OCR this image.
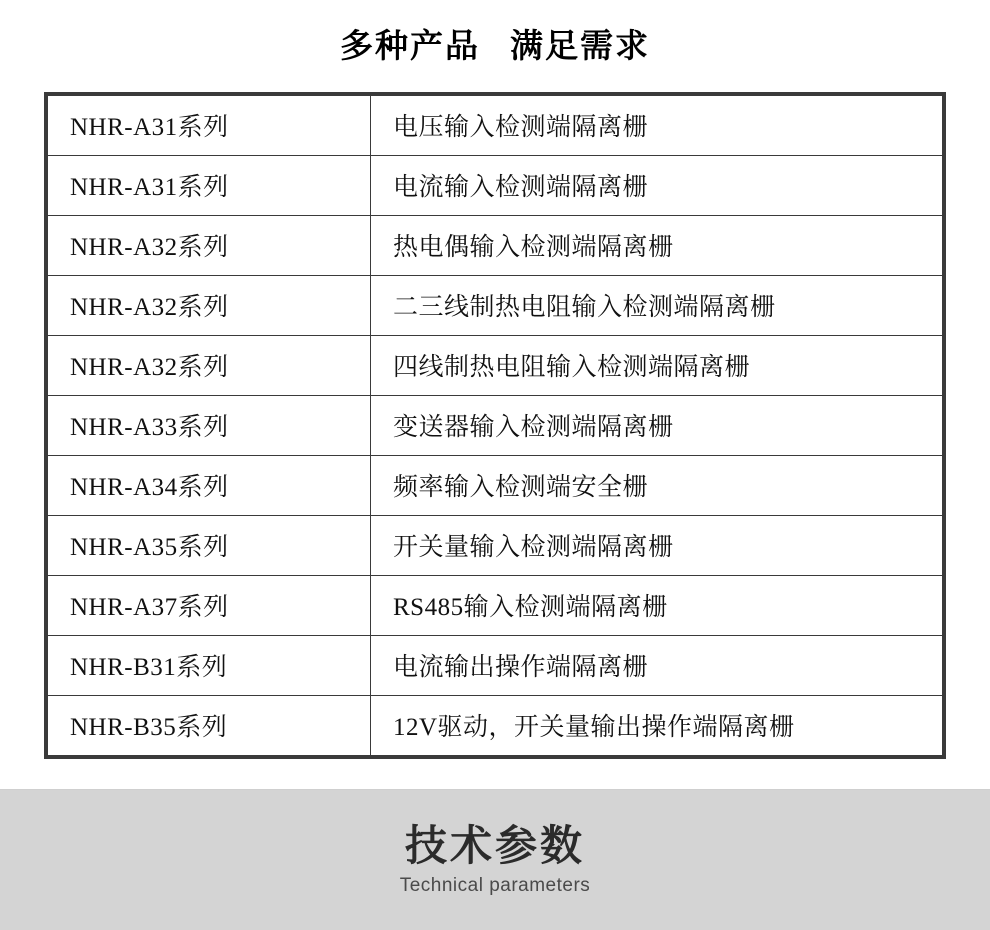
多种产品 满足需求
NHR-A31系列	电压输入检测端隔离栅
NHR-A31系列	电流输入检测端隔离栅
NHR-A32系列	热电偶输入检测端隔离栅
NHR-A32系列	二三线制热电阻输入检测端隔离栅
NHR-A32系列	四线制热电阻输入检测端隔离栅
NHR-A33系列	变送器输入检测端隔离栅
NHR-A34系列	频率输入检测端安全栅
NHR-A35系列	开关量输入检测端隔离栅
NHR-A37系列	RS485输入检测端隔离栅
NHR-B31系列	电流输出操作端隔离栅
NHR-B35系列	12V驱动，开关量输出操作端隔离栅
技术参数
Technical parameters
